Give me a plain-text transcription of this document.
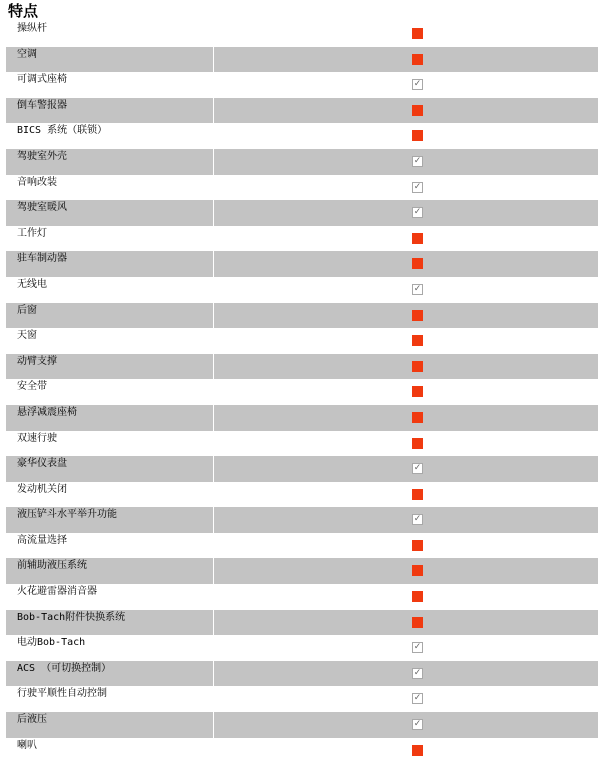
特点
操纵杆
空调
可调式座椅	✓
倒车警报器
BICS 系统（联锁）
驾驶室外壳	✓
音响改装	✓
驾驶室暖风	✓
工作灯
驻车制动器
无线电	✓
后窗
天窗
动臂支撑
安全带
悬浮减震座椅
双速行驶
豪华仪表盘	✓
发动机关闭
液压铲斗水平举升功能	✓
高流量选择
前辅助液压系统
火花避雷器消音器
Bob-Tach附件快换系统
电动Bob-Tach	✓
ACS （可切换控制）	✓
行驶平顺性自动控制	✓
后液压	✓
喇叭
